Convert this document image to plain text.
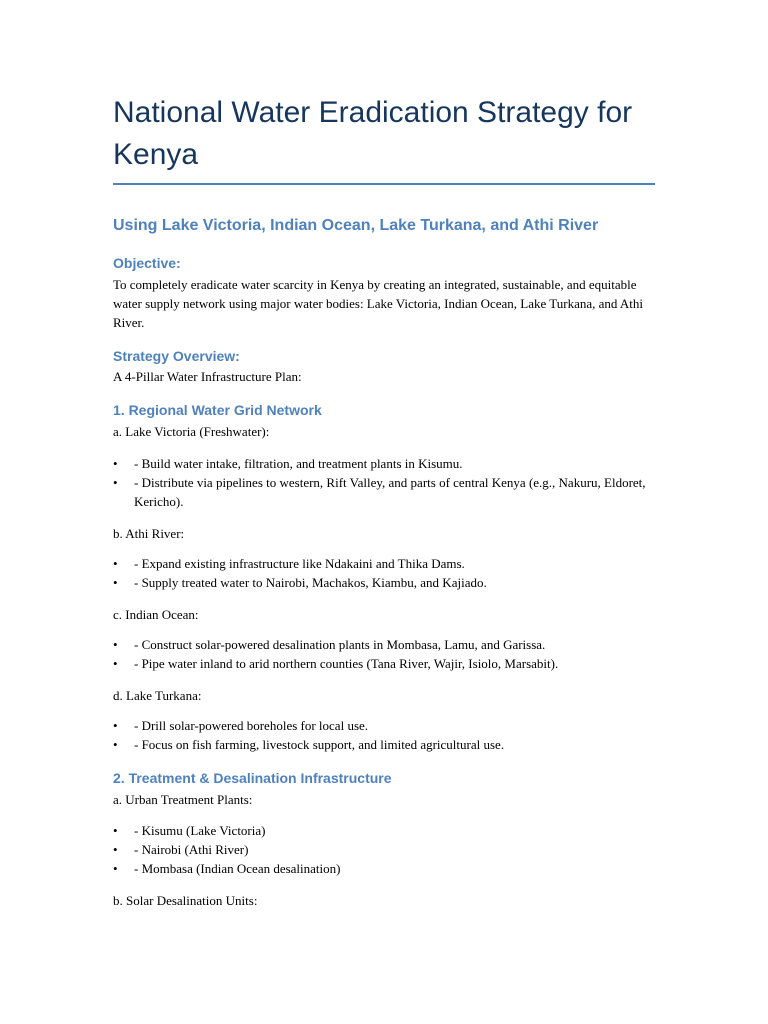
National Water Eradication Strategy for Kenya
Using Lake Victoria, Indian Ocean, Lake Turkana, and Athi River
Objective:

To completely eradicate water scarcity in Kenya by creating an integrated, sustainable, and equitable water supply network using major water bodies: Lake Victoria, Indian Ocean, Lake Turkana, and Athi River.

Strategy Overview:

A 4-Pillar Water Infrastructure Plan:

1. Regional Water Grid Network

a. Lake Victoria (Freshwater):

• - Build water intake, filtration, and treatment plants in Kisumu.
• - Distribute via pipelines to western, Rift Valley, and parts of central Kenya (e.g., Nakuru, Eldoret, Kericho).

b. Athi River:

• - Expand existing infrastructure like Ndakaini and Thika Dams.
• - Supply treated water to Nairobi, Machakos, Kiambu, and Kajiado.

c. Indian Ocean:

• - Construct solar-powered desalination plants in Mombasa, Lamu, and Garissa.
• - Pipe water inland to arid northern counties (Tana River, Wajir, Isiolo, Marsabit).

d. Lake Turkana:

• - Drill solar-powered boreholes for local use.
• - Focus on fish farming, livestock support, and limited agricultural use.
2. Treatment & Desalination Infrastructure

a. Urban Treatment Plants:

• - Kisumu (Lake Victoria)
• - Nairobi (Athi River)
• - Mombasa (Indian Ocean desalination)

b. Solar Desalination Units:
